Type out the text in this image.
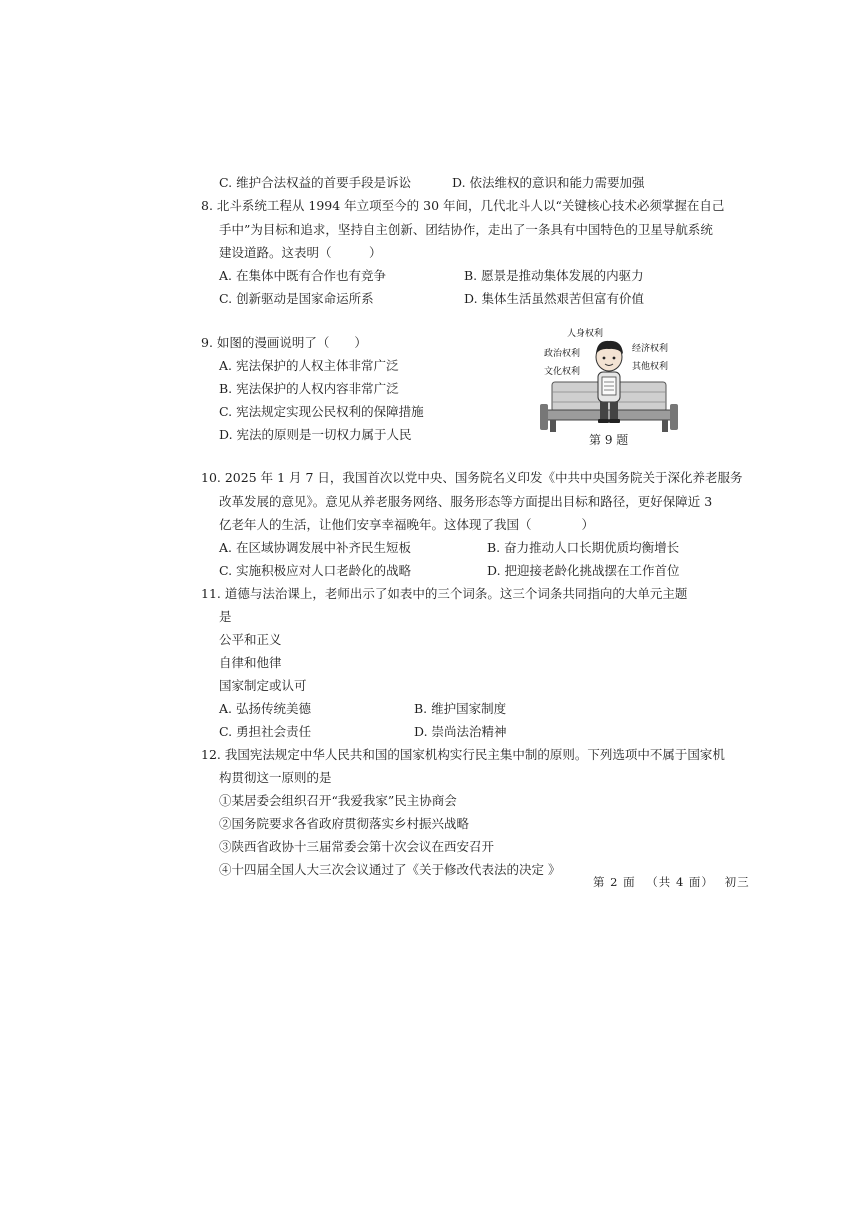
C. 维护合法权益的首要手段是诉讼	D. 依法维权的意识和能力需要加强
8. 北斗系统工程从 1994 年立项至今的 30 年间，几代北斗人以“关键核心技术必须掌握在自己
手中”为目标和追求，坚持自主创新、团结协作，走出了一条具有中国特色的卫星导航系统
建设道路。这表明（　　　）
A. 在集体中既有合作也有竞争	B. 愿景是推动集体发展的内驱力
C. 创新驱动是国家命运所系	D. 集体生活虽然艰苦但富有价值
9. 如图的漫画说明了（　　）
A. 宪法保护的人权主体非常广泛
B. 宪法保护的人权内容非常广泛
C. 宪法规定实现公民权利的保障措施
D. 宪法的原则是一切权力属于人民
人身权利
政治权利	经济权利
文化权利	其他权利
第 9 题
10. 2025 年 1 月 7 日，我国首次以党中央、国务院名义印发《中共中央国务院关于深化养老服务
改革发展的意见》。意见从养老服务网络、服务形态等方面提出目标和路径，更好保障近 3
亿老年人的生活，让他们安享幸福晚年。这体现了我国（　　　　）
A. 在区域协调发展中补齐民生短板	B. 奋力推动人口长期优质均衡增长
C. 实施积极应对人口老龄化的战略	D. 把迎接老龄化挑战摆在工作首位
11. 道德与法治课上，老师出示了如表中的三个词条。这三个词条共同指向的大单元主题
是
公平和正义
自律和他律
国家制定或认可
A. 弘扬传统美德	B. 维护国家制度
C. 勇担社会责任	D. 崇尚法治精神
12. 我国宪法规定中华人民共和国的国家机构实行民主集中制的原则。下列选项中不属于国家机
构贯彻这一原则的是
①某居委会组织召开“我爱我家”民主协商会
②国务院要求各省政府贯彻落实乡村振兴战略
③陕西省政协十三届常委会第十次会议在西安召开
④十四届全国人大三次会议通过了《关于修改代表法的决定 》
第 2 面 （共 4 面） 初三
